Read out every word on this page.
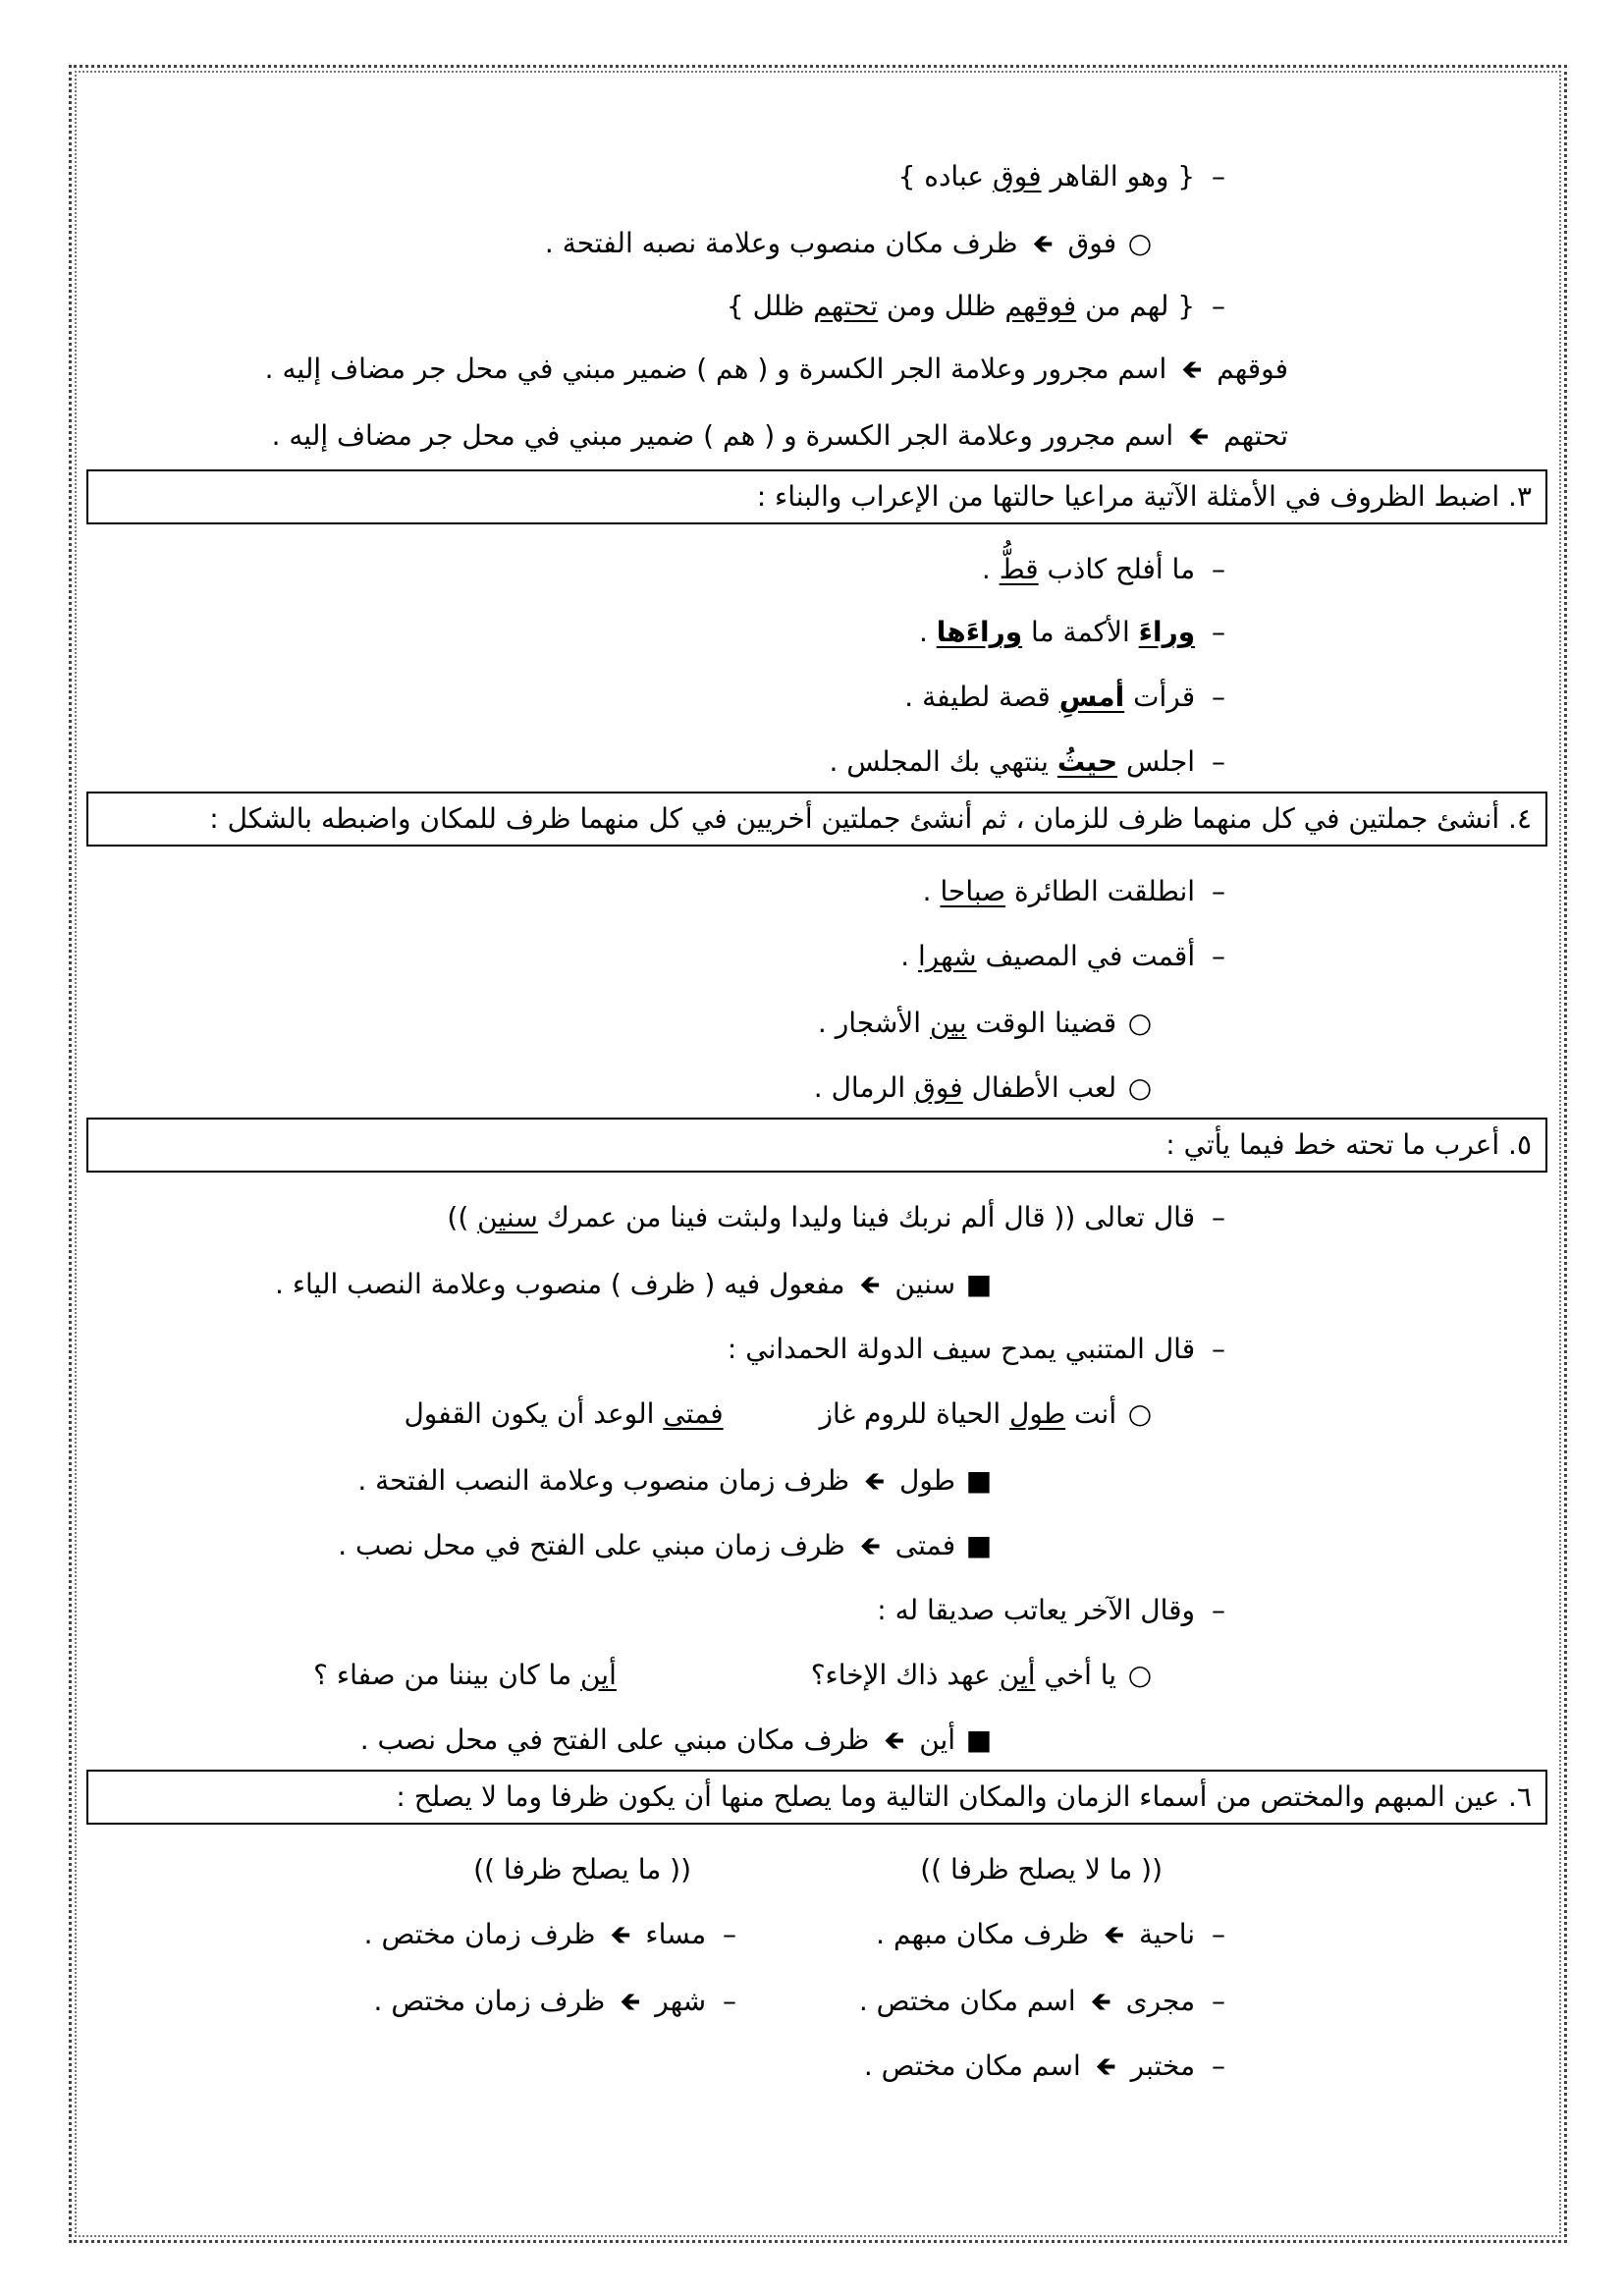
– { وهو القاهر فوق عباده }
○ فوق 🡸 ظرف مكان منصوب وعلامة نصبه الفتحة .
– { لهم من فوقهم ظلل ومن تحتهم ظلل }
فوقهم 🡸 اسم مجرور وعلامة الجر الكسرة و ( هم ) ضمير مبني في محل جر مضاف إليه .
تحتهم 🡸 اسم مجرور وعلامة الجر الكسرة و ( هم ) ضمير مبني في محل جر مضاف إليه .
٣. اضبط الظروف في الأمثلة الآتية مراعيا حالتها من الإعراب والبناء :
– ما أفلح كاذب قطُّ .
– وراءَ الأكمة ما وراءَها .
– قرأت أمسِ قصة لطيفة .
– اجلس حيثُ ينتهي بك المجلس .
٤. أنشئ جملتين في كل منهما ظرف للزمان ، ثم أنشئ جملتين أخريين في كل منهما ظرف للمكان واضبطه بالشكل :
– انطلقت الطائرة صباحا .
– أقمت في المصيف شهرا .
○ قضينا الوقت بين الأشجار .
○ لعب الأطفال فوق الرمال .
٥. أعرب ما تحته خط فيما يأتي :
– قال تعالى (( قال ألم نربك فينا وليدا ولبثت فينا من عمرك سنين ))
■ سنين 🡸 مفعول فيه ( ظرف ) منصوب وعلامة النصب الياء .
– قال المتنبي يمدح سيف الدولة الحمداني :
○ أنت طول الحياة للروم غاز  فمتى الوعد أن يكون القفول
■ طول 🡸 ظرف زمان منصوب وعلامة النصب الفتحة .
■ فمتى 🡸 ظرف زمان مبني على الفتح في محل نصب .
– وقال الآخر يعاتب صديقا له :
○ يا أخي أين عهد ذاك الإخاء؟  أين ما كان بيننا من صفاء ؟
■ أين 🡸 ظرف مكان مبني على الفتح في محل نصب .
٦. عين المبهم والمختص من أسماء الزمان والمكان التالية وما يصلح منها أن يكون ظرفا وما لا يصلح :
(( ما لا يصلح ظرفا ))
(( ما يصلح ظرفا ))
– ناحية 🡸 ظرف مكان مبهم .
– مساء 🡸 ظرف زمان مختص .
– مجرى 🡸 اسم مكان مختص .
– شهر 🡸 ظرف زمان مختص .
– مختبر 🡸 اسم مكان مختص .
